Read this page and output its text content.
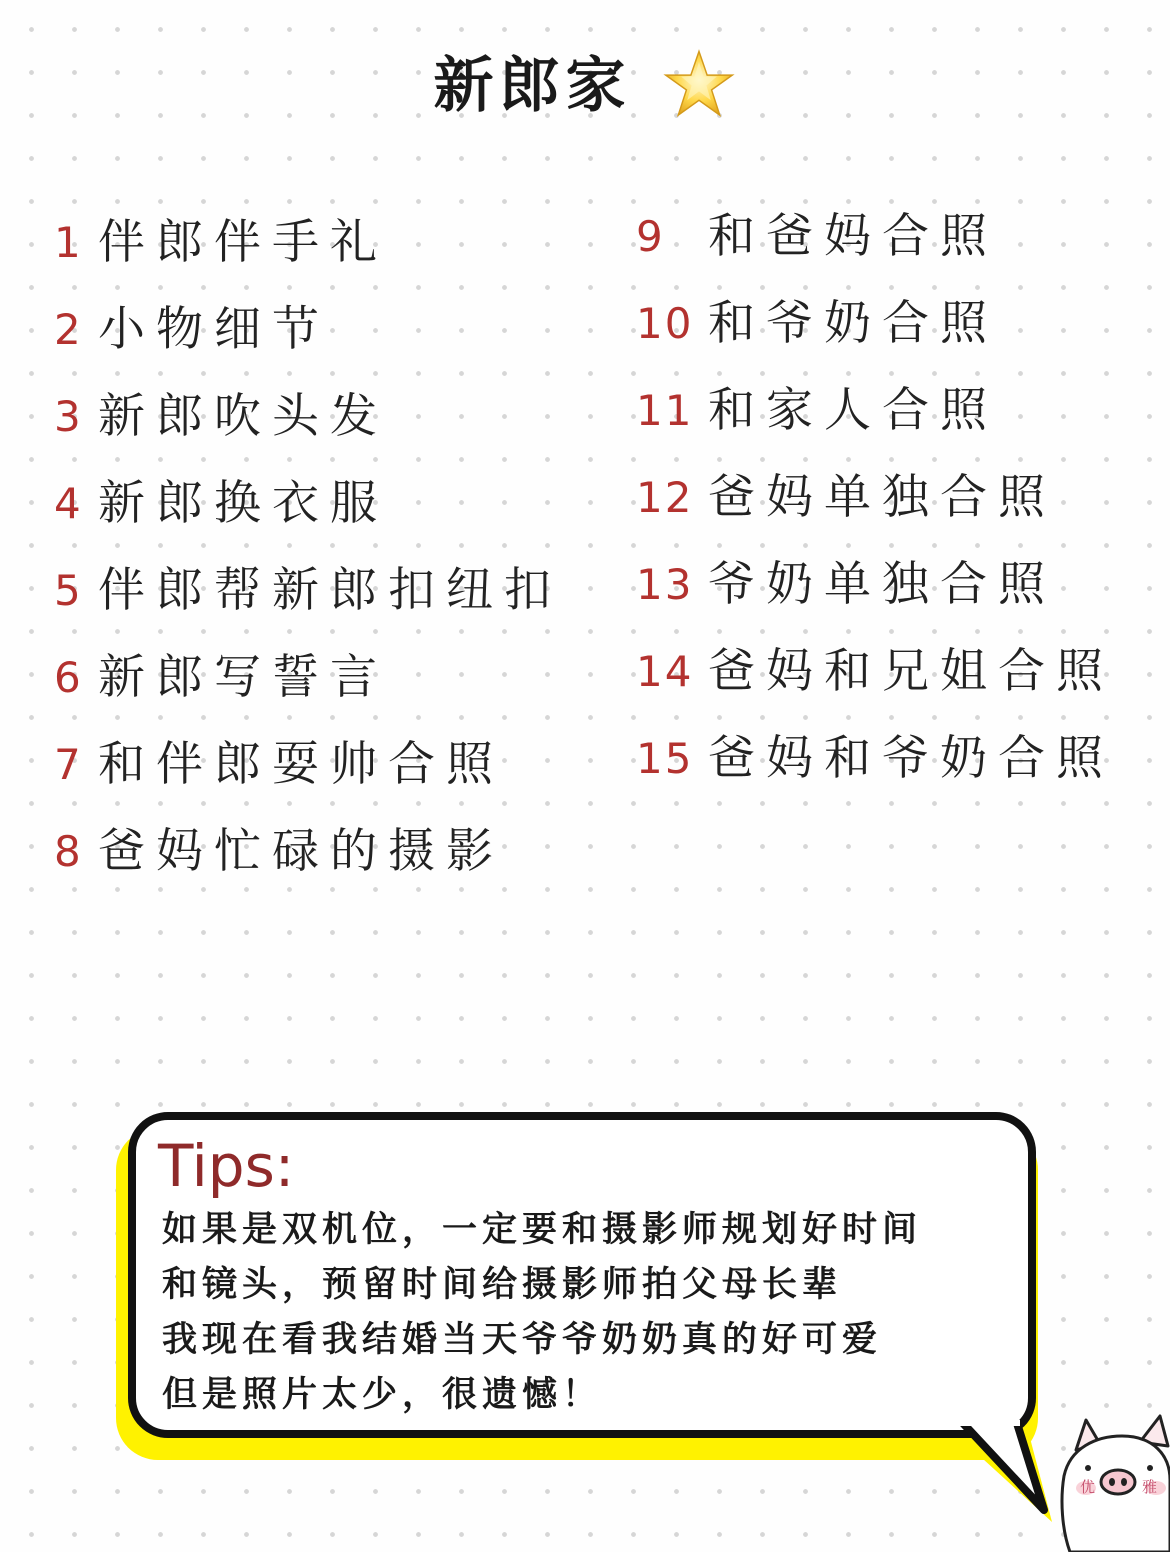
新郎家
1 伴郎伴手礼
2 小物细节
3 新郎吹头发
4 新郎换衣服
5 伴郎帮新郎扣纽扣
6 新郎写誓言
7 和伴郎耍帅合照
8 爸妈忙碌的摄影
9 和爸妈合照
10 和爷奶合照
11 和家人合照
12 爸妈单独合照
13 爷奶单独合照
14 爸妈和兄姐合照
15 爸妈和爷奶合照
Tips:
如果是双机位，一定要和摄影师规划好时间
和镜头，预留时间给摄影师拍父母长辈
我现在看我结婚当天爷爷奶奶真的好可爱
但是照片太少，很遗憾！
优	雅
